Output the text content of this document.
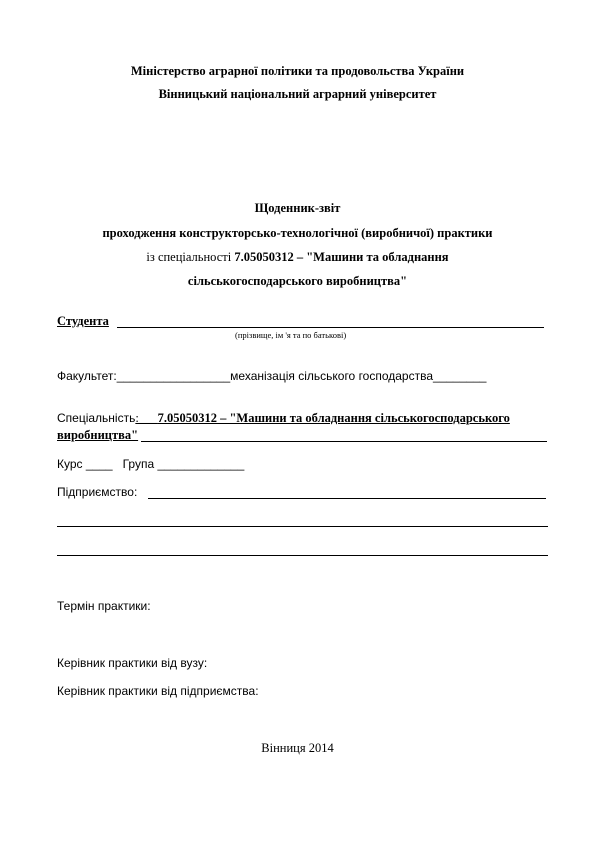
Міністерство аграрної політики та продовольства України
Вінницький національний аграрний університет
Щоденник-звіт
проходження конструкторсько-технологічної (виробничої) практики
із спеціальності 7.05050312 – "Машини та обладнання
сільськогосподарського виробництва"
Студента
(прізвище, ім 'я та по батькові)
Факультет:_________________механізація сільського господарства________
Спеціальність:___7.05050312 – "Машини та обладнання сільськогосподарського
виробництва"
Курс ____ Група _____________
Підприємство:
Термін практики:
Керівник практики від вузу:
Керівник практики від підприємства:
Вінниця 2014
